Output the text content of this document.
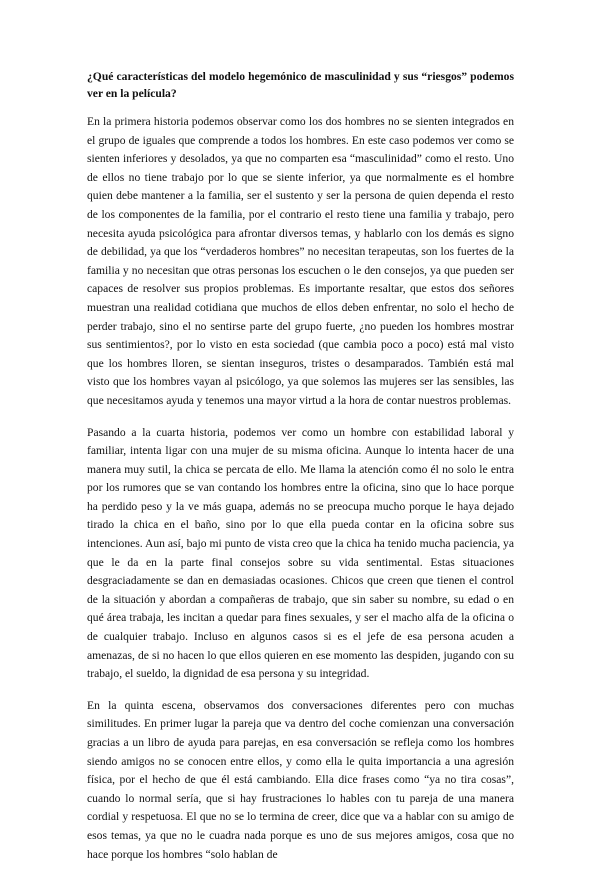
¿Qué características del modelo hegemónico de masculinidad y sus “riesgos” podemos ver en la película?

En la primera historia podemos observar como los dos hombres no se sienten integrados en el grupo de iguales que comprende a todos los hombres. En este caso podemos ver como se sienten inferiores y desolados, ya que no comparten esa “masculinidad” como el resto. Uno de ellos no tiene trabajo por lo que se siente inferior, ya que normalmente es el hombre quien debe mantener a la familia, ser el sustento y ser la persona de quien dependa el resto de los componentes de la familia, por el contrario el resto tiene una familia y trabajo, pero necesita ayuda psicológica para afrontar diversos temas, y hablarlo con los demás es signo de debilidad, ya que los “verdaderos hombres” no necesitan terapeutas, son los fuertes de la familia y no necesitan que otras personas los escuchen o le den consejos, ya que pueden ser capaces de resolver sus propios problemas. Es importante resaltar, que estos dos señores muestran una realidad cotidiana que muchos de ellos deben enfrentar, no solo el hecho de perder trabajo, sino el no sentirse parte del grupo fuerte, ¿no pueden los hombres mostrar sus sentimientos?, por lo visto en esta sociedad (que cambia poco a poco) está mal visto que los hombres lloren, se sientan inseguros, tristes o desamparados. También está mal visto que los hombres vayan al psicólogo, ya que solemos las mujeres ser las sensibles, las que necesitamos ayuda y tenemos una mayor virtud a la hora de contar nuestros problemas.

Pasando a la cuarta historia, podemos ver como un hombre con estabilidad laboral y familiar, intenta ligar con una mujer de su misma oficina. Aunque lo intenta hacer de una manera muy sutil, la chica se percata de ello. Me llama la atención como él no solo le entra por los rumores que se van contando los hombres entre la oficina, sino que lo hace porque ha perdido peso y la ve más guapa, además no se preocupa mucho porque le haya dejado tirado la chica en el baño, sino por lo que ella pueda contar en la oficina sobre sus intenciones. Aun así, bajo mi punto de vista creo que la chica ha tenido mucha paciencia, ya que le da en la parte final consejos sobre su vida sentimental. Estas situaciones desgraciadamente se dan en demasiadas ocasiones. Chicos que creen que tienen el control de la situación y abordan a compañeras de trabajo, que sin saber su nombre, su edad o en qué área trabaja, les incitan a quedar para fines sexuales, y ser el macho alfa de la oficina o de cualquier trabajo. Incluso en algunos casos si es el jefe de esa persona acuden a amenazas, de si no hacen lo que ellos quieren en ese momento las despiden, jugando con su trabajo, el sueldo, la dignidad de esa persona y su integridad.

En la quinta escena, observamos dos conversaciones diferentes pero con muchas similitudes. En primer lugar la pareja que va dentro del coche comienzan una conversación gracias a un libro de ayuda para parejas, en esa conversación se refleja como los hombres siendo amigos no se conocen entre ellos, y como ella le quita importancia a una agresión física, por el hecho de que él está cambiando. Ella dice frases como “ya no tira cosas”, cuando lo normal sería, que si hay frustraciones lo hables con tu pareja de una manera cordial y respetuosa. El que no se lo termina de creer, dice que va a hablar con su amigo de esos temas, ya que no le cuadra nada porque es uno de sus mejores amigos, cosa que no hace porque los hombres “solo hablan de
